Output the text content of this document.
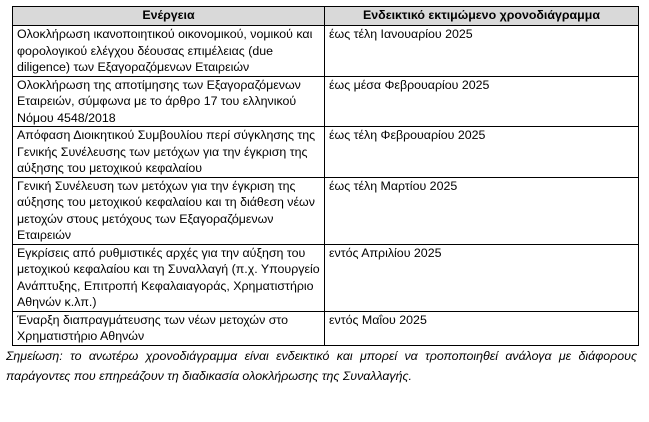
Ενέργεια	Ενδεικτικό εκτιμώμενο χρονοδιάγραμμα
Ολοκλήρωση ικανοποιητικού οικονομικού, νομικού και φορολογικού ελέγχου δέουσας επιμέλειας (due diligence) των Εξαγοραζόμενων Εταιρειών	έως τέλη Ιανουαρίου 2025
Ολοκλήρωση της αποτίμησης των Εξαγοραζόμενων Εταιρειών, σύμφωνα με το άρθρο 17 του ελληνικού Νόμου 4548/2018	έως μέσα Φεβρουαρίου 2025
Απόφαση Διοικητικού Συμβουλίου περί σύγκλησης της Γενικής Συνέλευσης των μετόχων για την έγκριση της αύξησης του μετοχικού κεφαλαίου	έως τέλη Φεβρουαρίου 2025
Γενική Συνέλευση των μετόχων για την έγκριση της αύξησης του μετοχικού κεφαλαίου και τη διάθεση νέων μετοχών στους μετόχους των Εξαγοραζόμενων Εταιρειών	έως τέλη Μαρτίου 2025
Εγκρίσεις από ρυθμιστικές αρχές για την αύξηση του μετοχικού κεφαλαίου και τη Συναλλαγή (π.χ. Υπουργείο Ανάπτυξης, Επιτροπή Κεφαλαιαγοράς, Χρηματιστήριο Αθηνών κ.λπ.)	εντός Απριλίου 2025
Έναρξη διαπραγμάτευσης των νέων μετοχών στο Χρηματιστήριο Αθηνών	εντός Μαΐου 2025

Σημείωση: το ανωτέρω χρονοδιάγραμμα είναι ενδεικτικό και μπορεί να τροποποιηθεί ανάλογα με διάφορους παράγοντες που επηρεάζουν τη διαδικασία ολοκλήρωσης της Συναλλαγής.
